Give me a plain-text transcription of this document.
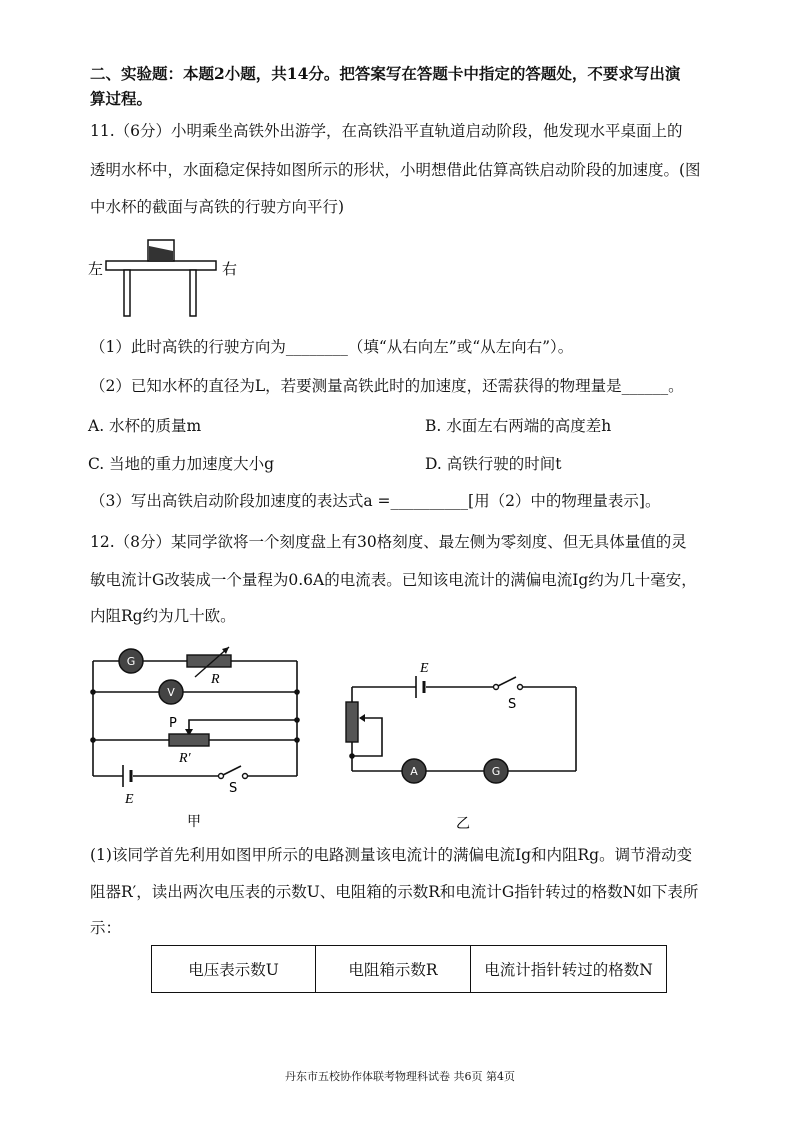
二、实验题：本题2小题，共14分。把答案写在答题卡中指定的答题处，不要求写出演
算过程。
11.（6分）小明乘坐高铁外出游学，在高铁沿平直轨道启动阶段，他发现水平桌面上的
透明水杯中，水面稳定保持如图所示的形状，小明想借此估算高铁启动阶段的加速度。(图
中水杯的截面与高铁的行驶方向平行)
左	右
（1）此时高铁的行驶方向为________（填“从右向左”或“从左向右”）。
（2）已知水杯的直径为L，若要测量高铁此时的加速度，还需获得的物理量是______。
A. 水杯的质量m	B. 水面左右两端的高度差h
C. 当地的重力加速度大小g	D. 高铁行驶的时间t
（3）写出高铁启动阶段加速度的表达式a =__________[用（2）中的物理量表示]。
12.（8分）某同学欲将一个刻度盘上有30格刻度、最左侧为零刻度、但无具体量值的灵
敏电流计G改装成一个量程为0.6A的电流表。已知该电流计的满偏电流Ig约为几十毫安，
内阻Rg约为几十欧。
G
R
V
P
R′
E
S
甲
A	G
E
S
乙
(1)该同学首先利用如图甲所示的电路测量该电流计的满偏电流Ig和内阻Rg。调节滑动变
阻器R′，读出两次电压表的示数U、电阻箱的示数R和电流计G指针转过的格数N如下表所
示：
电压表示数U	电阻箱示数R	电流计指针转过的格数N
丹东市五校协作体联考物理科试卷 共6页 第4页
